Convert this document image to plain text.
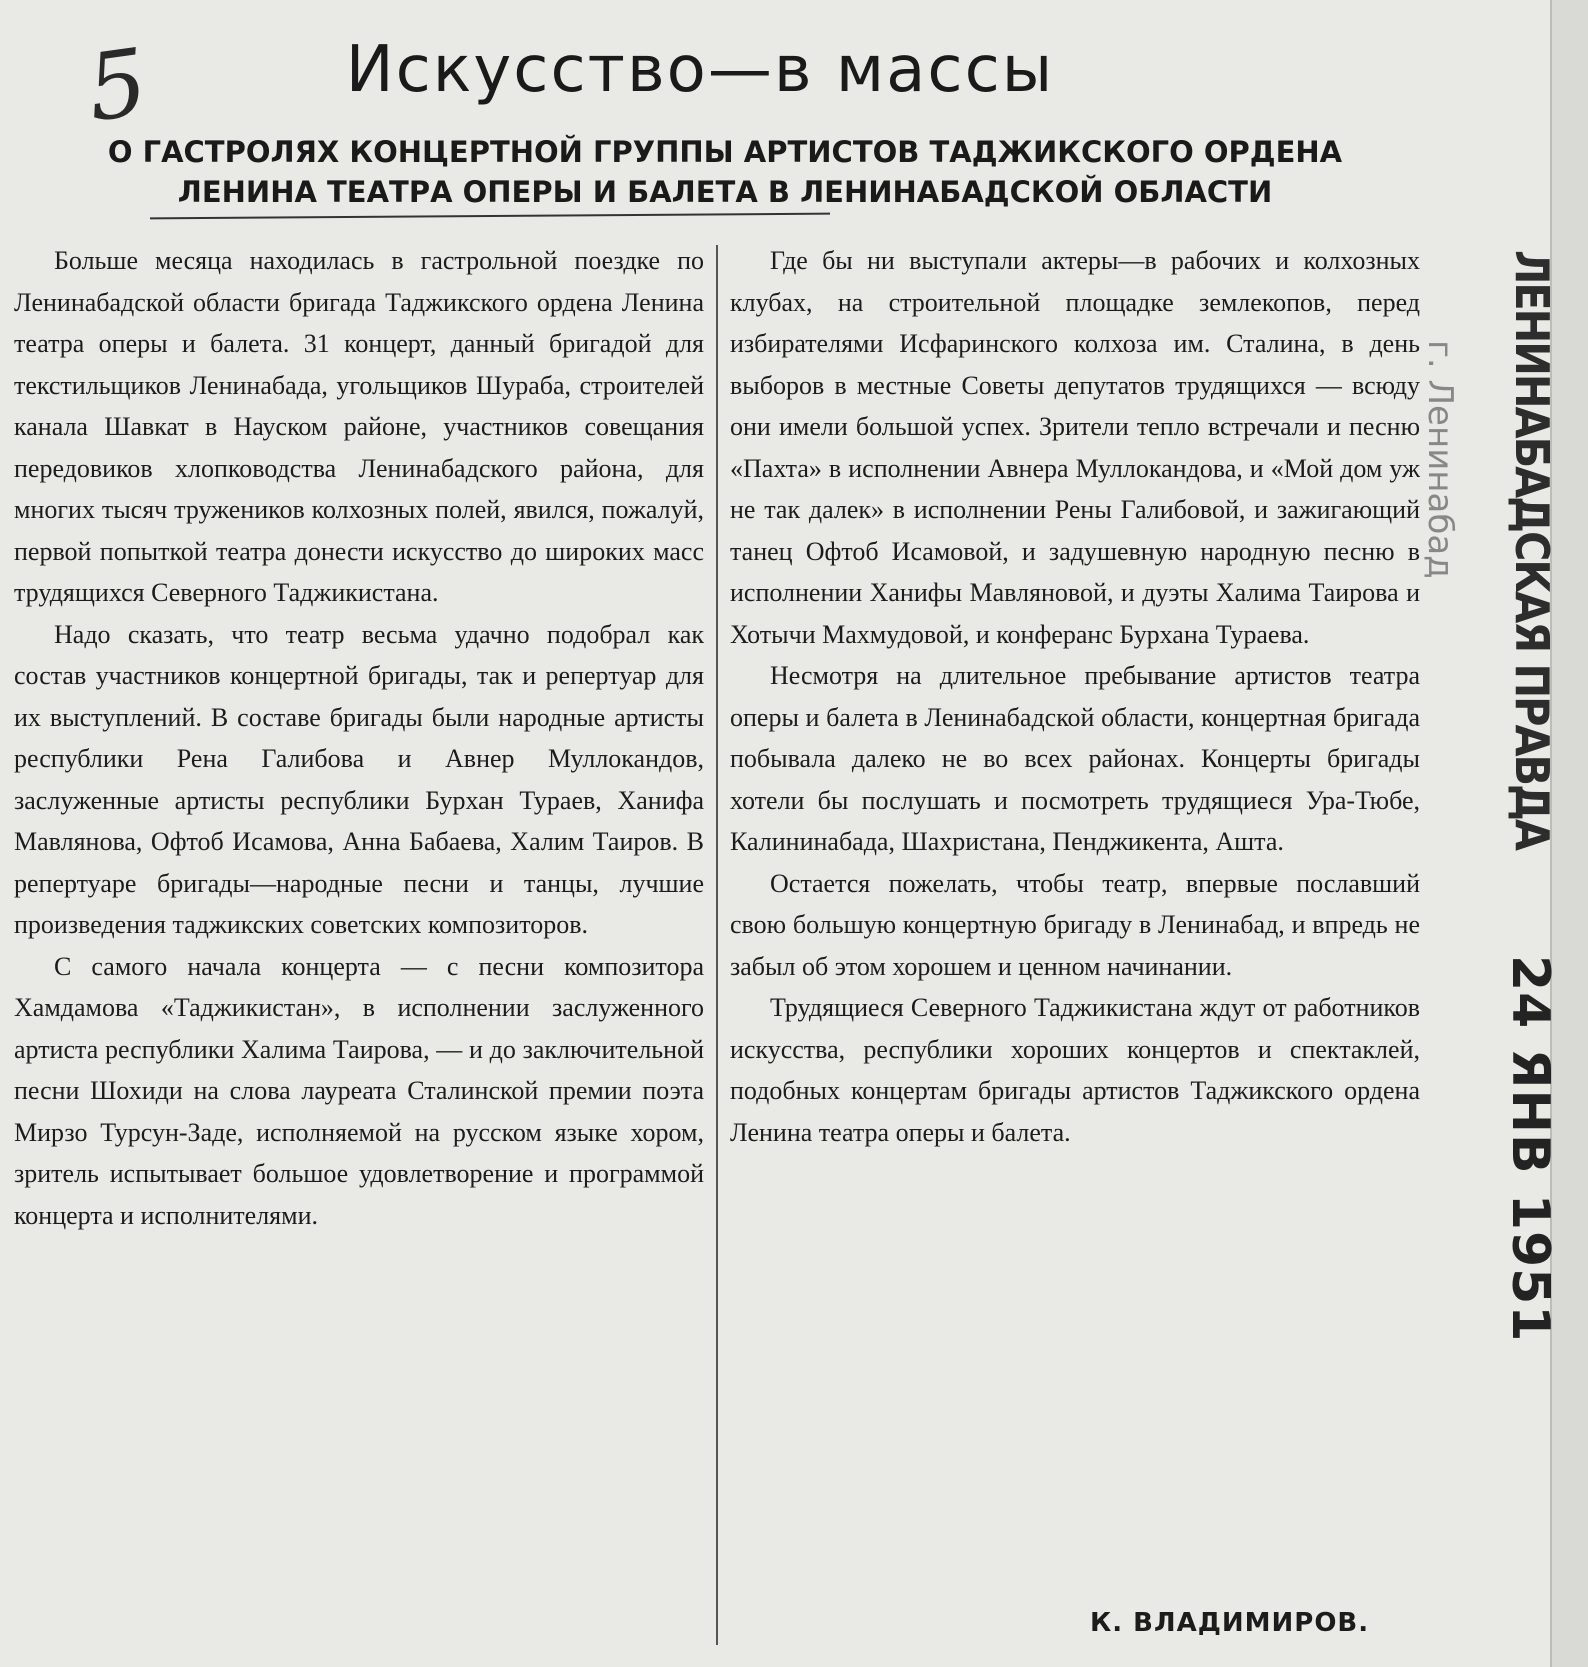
5	Искусство—в массы
О ГАСТРОЛЯХ КОНЦЕРТНОЙ ГРУППЫ АРТИСТОВ ТАДЖИКСКОГО ОРДЕНА ЛЕНИНА ТЕАТРА ОПЕРЫ И БАЛЕТА В ЛЕНИНАБАДСКОЙ ОБЛАСТИ

Больше месяца находилась в гастрольной поездке по Ленинабадской области бригада Таджикского ордена Ленина театра оперы и балета. 31 концерт, данный бригадой для текстильщиков Ленинабада, угольщиков Шураба, строителей канала Шавкат в Науском районе, участников совещания передовиков хлопководства Ленинабадского района, для многих тысяч тружеников колхозных полей, явился, пожалуй, первой попыткой театра донести искусство до широких масс трудящихся Северного Таджикистана.

Надо сказать, что театр весьма удачно подобрал как состав участников концертной бригады, так и репертуар для их выступлений. В составе бригады были народные артисты республики Рена Галибова и Авнер Муллокандов, заслуженные артисты республики Бурхан Тураев, Ханифа Мавлянова, Офтоб Исамова, Анна Бабаева, Халим Таиров. В репертуаре бригады—народные песни и танцы, лучшие произведения таджикских советских композиторов.

С самого начала концерта — с песни композитора Хамдамова «Таджикистан», в исполнении заслуженного артиста республики Халима Таирова, — и до заключительной песни Шохиди на слова лауреата Сталинской премии поэта Мирзо Турсун-Заде, исполняемой на русском языке хором, зритель испытывает большое удовлетворение и программой концерта и исполнителями.

Где бы ни выступали актеры—в рабочих и колхозных клубах, на строительной площадке землекопов, перед избирателями Исфаринского колхоза им. Сталина, в день выборов в местные Советы депутатов трудящихся — всюду они имели большой успех. Зрители тепло встречали и песню «Пахта» в исполнении Авнера Муллокандова, и «Мой дом уж не так далек» в исполнении Рены Галибовой, и зажигающий танец Офтоб Исамовой, и задушевную народную песню в исполнении Ханифы Мавляновой, и дуэты Халима Таирова и Хотычи Махмудовой, и конферанс Бурхана Тураева.

Несмотря на длительное пребывание артистов театра оперы и балета в Ленинабадской области, концертная бригада побывала далеко не во всех районах. Концерты бригады хотели бы послушать и посмотреть трудящиеся Ура-Тюбе, Калининабада, Шахристана, Пенджикента, Ашта.

Остается пожелать, чтобы театр, впервые пославший свою большую концертную бригаду в Ленинабад, и впредь не забыл об этом хорошем и ценном начинании.

Трудящиеся Северного Таджикистана ждут от работников искусства, республики хороших концертов и спектаклей, подобных концертам бригады артистов Таджикского ордена Ленина театра оперы и балета.

К. ВЛАДИМИРОВ.
ЛЕНИНАБАДСКАЯ ПРАВДА
г. Ленинабад
24 ЯНВ 1951
